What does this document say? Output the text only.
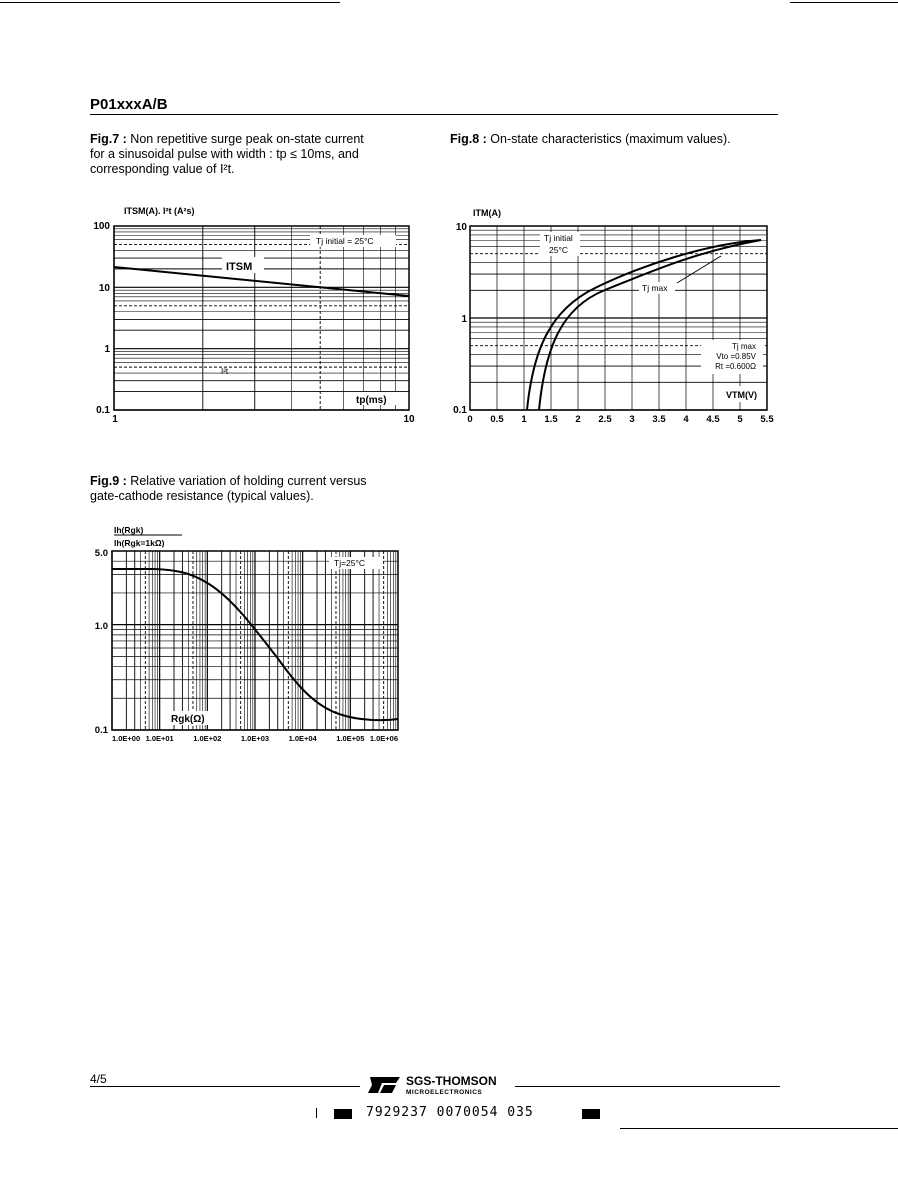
P01xxxA/B
Fig.7 : Non repetitive surge peak on-state current
for a sinusoidal pulse with width : tp ≤ 10ms, and
corresponding value of I²t.
Fig.8 : On-state characteristics (maximum values).
ITSM(A). I²t (A²s)
100
10
1
0.1
1	10
Tj initial = 25°C
ITSM
I²t
tp(ms)
ITM(A)
10
1
0.1
0 0.5 1 1.5 2 2.5 3 3.5 4 4.5 5 5.5
Tj initial
25°C
Tj max
Tj max
Vto =0.85V
Rt =0.600Ω
VTM(V)
Fig.9 : Relative variation of holding current versus
gate-cathode resistance (typical values).
Ih(Rgk)
Ih(Rgk=1kΩ)
5.0
1.0
0.1
1.0E+00 1.0E+01	1.0E+02	1.0E+03	1.0E+04	1.0E+05 1.0E+06
Tj=25°C
Rgk(Ω)
4/5	SGS-THOMSON
MICROELECTRONICS
7929237 0070054 035
